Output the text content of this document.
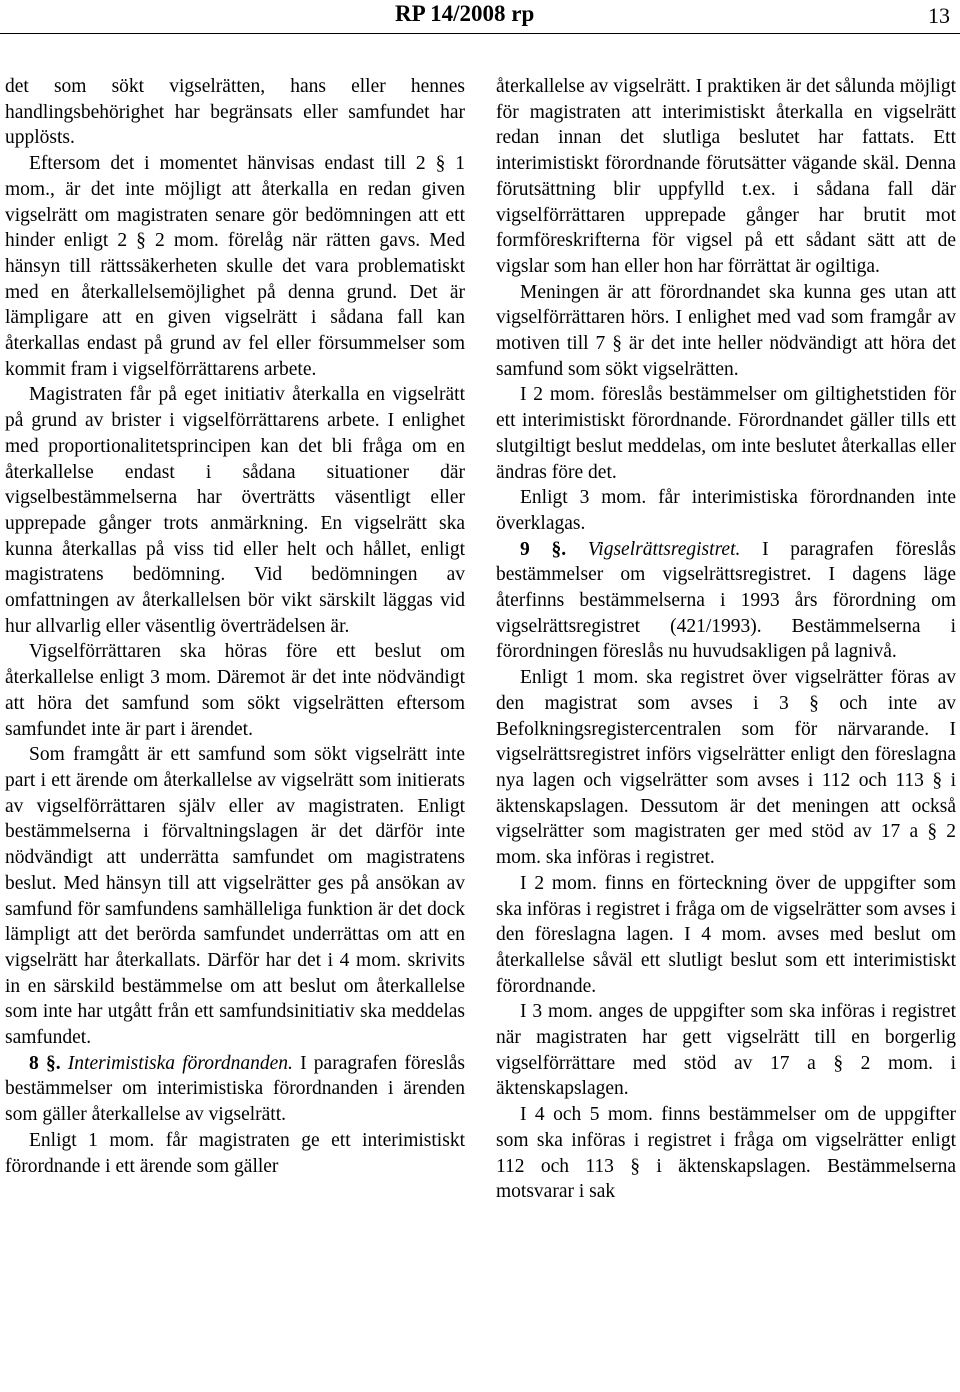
RP 14/2008 rp	13

det som sökt vigselrätten, hans eller hennes handlingsbehörighet har begränsats eller samfundet har upplösts.

Eftersom det i momentet hänvisas endast till 2 § 1 mom., är det inte möjligt att återkalla en redan given vigselrätt om magistraten senare gör bedömningen att ett hinder enligt 2 § 2 mom. förelåg när rätten gavs. Med hänsyn till rättssäkerheten skulle det vara problematiskt med en återkallelsemöjlighet på denna grund. Det är lämpligare att en given vigselrätt i sådana fall kan återkallas endast på grund av fel eller försummelser som kommit fram i vigselförrättarens arbete.

Magistraten får på eget initiativ återkalla en vigselrätt på grund av brister i vigselförrättarens arbete. I enlighet med proportionalitetsprincipen kan det bli fråga om en återkallelse endast i sådana situationer där vigselbestämmelserna har överträtts väsentligt eller upprepade gånger trots anmärkning. En vigselrätt ska kunna återkallas på viss tid eller helt och hållet, enligt magistratens bedömning. Vid bedömningen av omfattningen av återkallelsen bör vikt särskilt läggas vid hur allvarlig eller väsentlig överträdelsen är.

Vigselförrättaren ska höras före ett beslut om återkallelse enligt 3 mom. Däremot är det inte nödvändigt att höra det samfund som sökt vigselrätten eftersom samfundet inte är part i ärendet.

Som framgått är ett samfund som sökt vigselrätt inte part i ett ärende om återkallelse av vigselrätt som initierats av vigselförrättaren själv eller av magistraten. Enligt bestämmelserna i förvaltningslagen är det därför inte nödvändigt att underrätta samfundet om magistratens beslut. Med hänsyn till att vigselrätter ges på ansökan av samfund för samfundens samhälleliga funktion är det dock lämpligt att det berörda samfundet underrättas om att en vigselrätt har återkallats. Därför har det i 4 mom. skrivits in en särskild bestämmelse om att beslut om återkallelse som inte har utgått från ett samfundsinitiativ ska meddelas samfundet.

8 §. Interimistiska förordnanden. I paragrafen föreslås bestämmelser om interimistiska förordnanden i ärenden som gäller återkallelse av vigselrätt.

Enligt 1 mom. får magistraten ge ett interimistiskt förordnande i ett ärende som gäller

återkallelse av vigselrätt. I praktiken är det sålunda möjligt för magistraten att interimistiskt återkalla en vigselrätt redan innan det slutliga beslutet har fattats. Ett interimistiskt förordnande förutsätter vägande skäl. Denna förutsättning blir uppfylld t.ex. i sådana fall där vigselförrättaren upprepade gånger har brutit mot formföreskrifterna för vigsel på ett sådant sätt att de vigslar som han eller hon har förrättat är ogiltiga.

Meningen är att förordnandet ska kunna ges utan att vigselförrättaren hörs. I enlighet med vad som framgår av motiven till 7 § är det inte heller nödvändigt att höra det samfund som sökt vigselrätten.

I 2 mom. föreslås bestämmelser om giltighetstiden för ett interimistiskt förordnande. Förordnandet gäller tills ett slutgiltigt beslut meddelas, om inte beslutet återkallas eller ändras före det.

Enligt 3 mom. får interimistiska förordnanden inte överklagas.

9 §. Vigselrättsregistret. I paragrafen föreslås bestämmelser om vigselrättsregistret. I dagens läge återfinns bestämmelserna i 1993 års förordning om vigselrättsregistret (421/1993). Bestämmelserna i förordningen föreslås nu huvudsakligen på lagnivå.

Enligt 1 mom. ska registret över vigselrätter föras av den magistrat som avses i 3 § och inte av Befolkningsregistercentralen som för närvarande. I vigselrättsregistret införs vigselrätter enligt den föreslagna nya lagen och vigselrätter som avses i 112 och 113 § i äktenskapslagen. Dessutom är det meningen att också vigselrätter som magistraten ger med stöd av 17 a § 2 mom. ska införas i registret.

I 2 mom. finns en förteckning över de uppgifter som ska införas i registret i fråga om de vigselrätter som avses i den föreslagna lagen. I 4 mom. avses med beslut om återkallelse såväl ett slutligt beslut som ett interimistiskt förordnande.

I 3 mom. anges de uppgifter som ska införas i registret när magistraten har gett vigselrätt till en borgerlig vigselförrättare med stöd av 17 a § 2 mom. i äktenskapslagen.

I 4 och 5 mom. finns bestämmelser om de uppgifter som ska införas i registret i fråga om vigselrätter enligt 112 och 113 § i äktenskapslagen. Bestämmelserna motsvarar i sak
